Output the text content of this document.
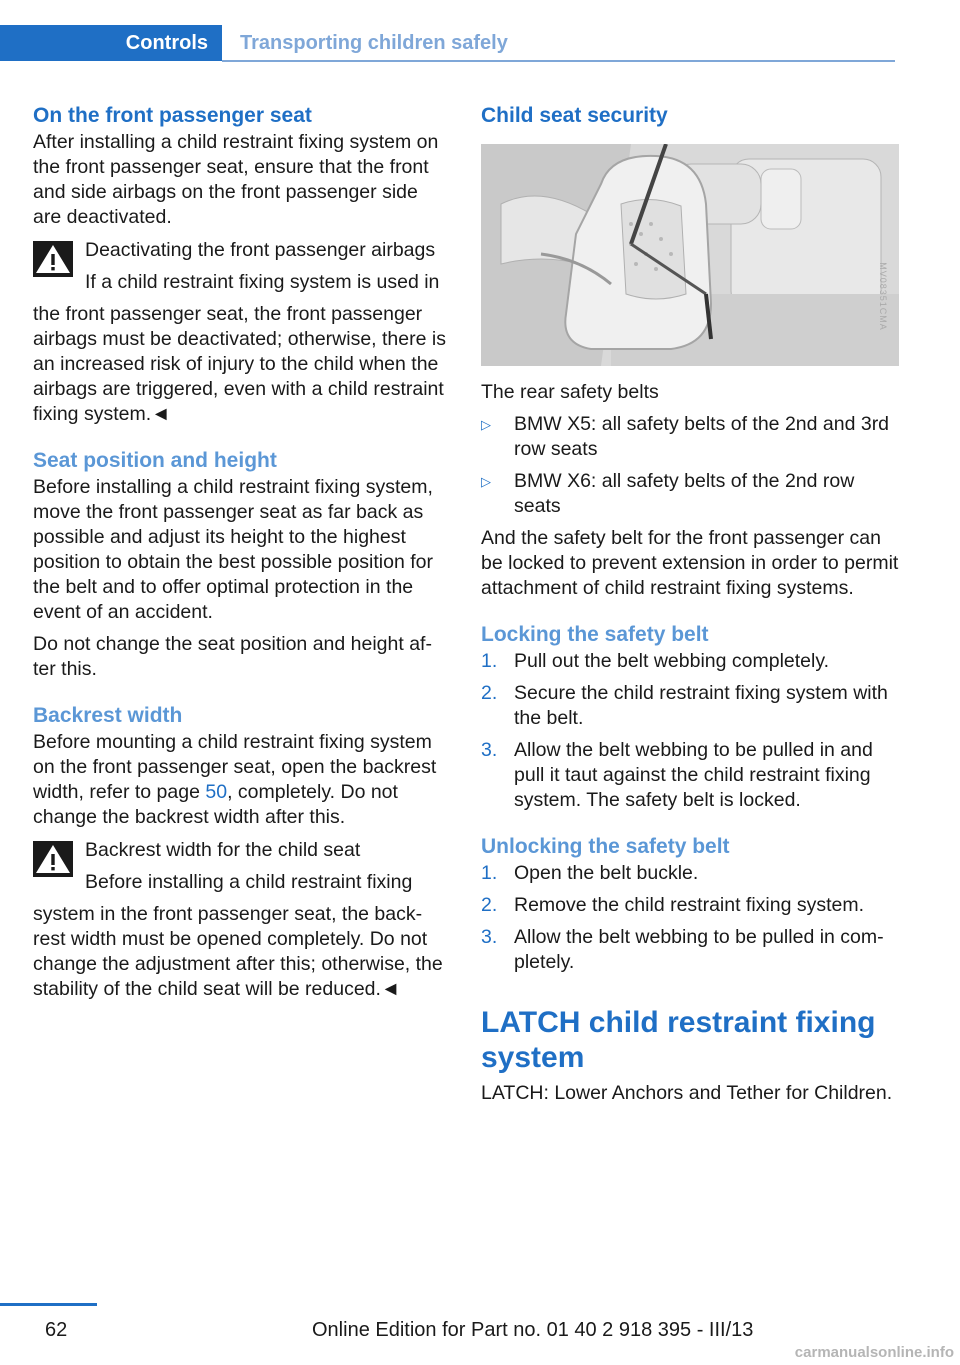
Controls	Transporting children safely
On the front passenger seat

After installing a child restraint fixing system on the front passenger seat, ensure that the front and side airbags on the front passenger side are deactivated.

Deactivating the front passenger airbags
If a child restraint fixing system is used in

the front passenger seat, the front passenger airbags must be deactivated; otherwise, there is an increased risk of injury to the child when the airbags are triggered, even with a child restraint fixing system.◄

Seat position and height

Before installing a child restraint fixing system, move the front passenger seat as far back as possible and adjust its height to the highest position to obtain the best possible position for the belt and to offer optimal protection in the event of an accident.

Do not change the seat position and height after this.

Backrest width

Before mounting a child restraint fixing system on the front passenger seat, open the backrest width, refer to page 50, completely. Do not change the backrest width after this.

Backrest width for the child seat
Before installing a child restraint fixing

system in the front passenger seat, the backrest width must be opened completely. Do not change the adjustment after this; otherwise, the stability of the child seat will be reduced.◄

Child seat security
MV08351CMA

The rear safety belts

▷ BMW X5: all safety belts of the 2nd and 3rd row seats
▷ BMW X6: all safety belts of the 2nd row seats

And the safety belt for the front passenger can be locked to prevent extension in order to permit attachment of child restraint fixing systems.

Locking the safety belt
1. Pull out the belt webbing completely.
2. Secure the child restraint fixing system with the belt.
3. Allow the belt webbing to be pulled in and pull it taut against the child restraint fixing system. The safety belt is locked.
Unlocking the safety belt
1. Open the belt buckle.
2. Remove the child restraint fixing system.
3. Allow the belt webbing to be pulled in completely.
LATCH child restraint fixing system

LATCH: Lower Anchors and Tether for Children.

62	Online Edition for Part no. 01 40 2 918 395 - III/13
carmanualsonline.info
